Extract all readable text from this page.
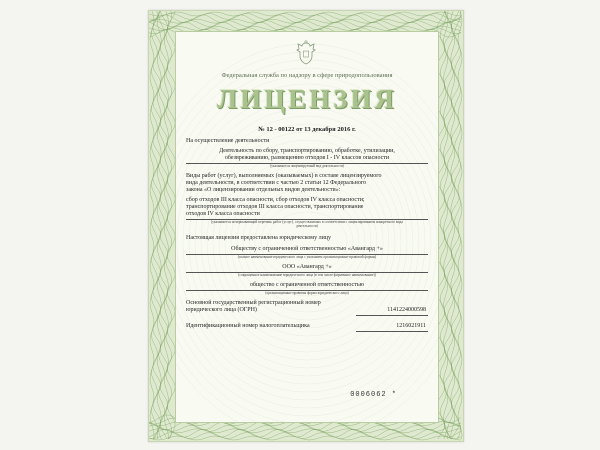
Федеральная служба по надзору в сфере природопользования
ЛИЦЕНЗИЯ
№ 12 - 00122 от 13 декабря 2016 г.
На осуществление деятельности
Деятельность по сбору, транспортированию, обработке, утилизации,
обезвреживанию, размещению отходов I - IV классов опасности
(указывается лицензируемый вид деятельности)
Виды работ (услуг), выполняемых (оказываемых) в составе лицензируемого
вида деятельности, в соответствии с частью 2 статьи 12 Федерального
закона «О лицензировании отдельных видов деятельности»:
сбор отходов III класса опасности, сбор отходов IV класса опасности;
транспортирование отходов III класса опасности, транспортирование
отходов IV класса опасности
(указывается исчерпывающий перечень работ (услуг), осуществляемых в соответствии с лицензированием конкретного вида
деятельности)
Настоящая лицензия предоставлена юридическому лицу
Обществу с ограниченной ответственностью «Авангард +»
(полное наименование юридического лица с указанием организационно-правовой формы)
ООО «Авангард +»
(сокращенное наименование юридического лица (в том числе фирменное наименование))
общество с ограниченной ответственностью
(организационно-правовая форма юридического лица)
Основной государственный регистрационный номер
юридического лица (ОГРН)	1141224000598
Идентификационный номер налогоплательщика	1216021911
0006062 *
